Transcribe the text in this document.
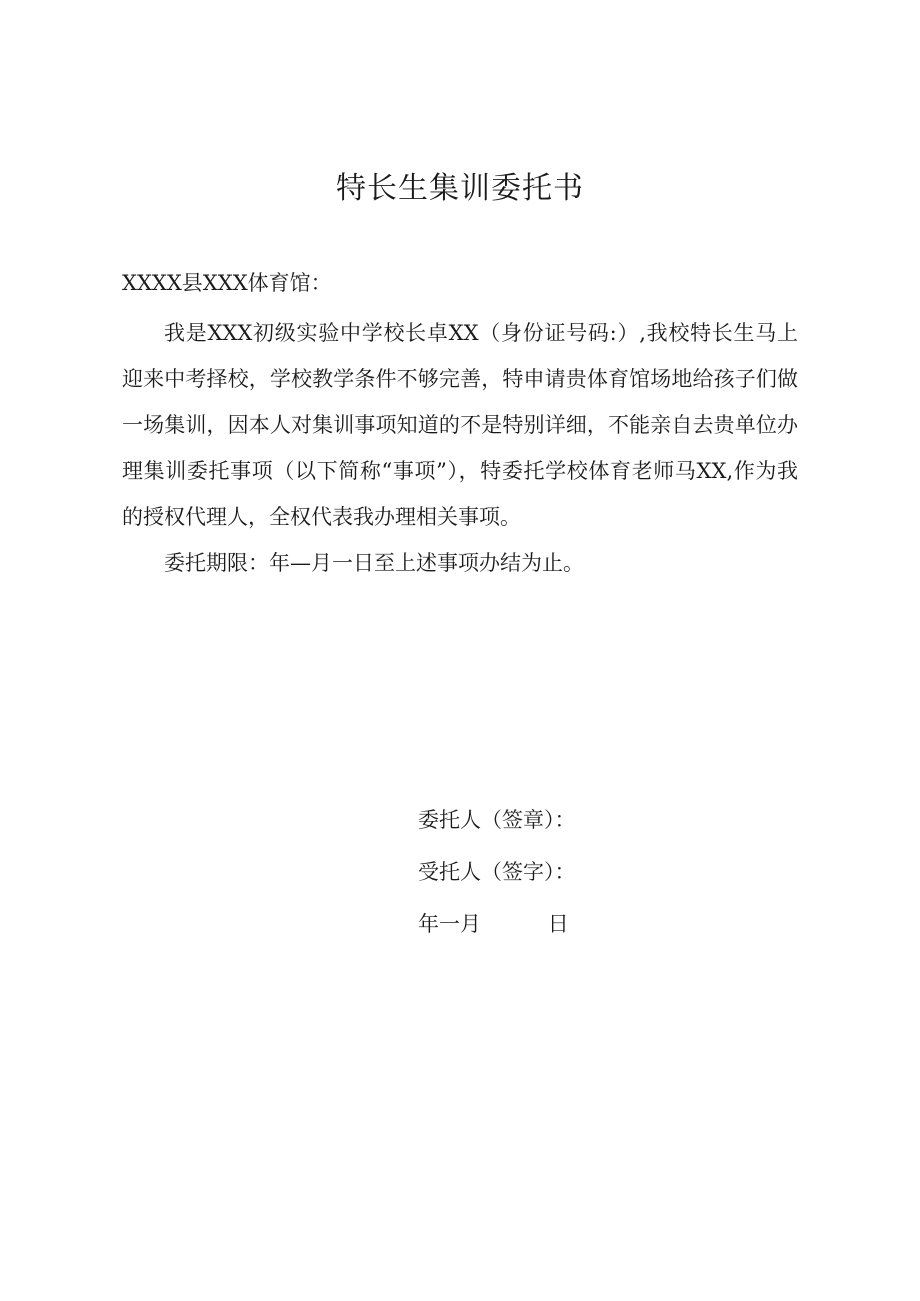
特长生集训委托书
XXXX县XXX体育馆：

我是XXX初级实验中学校长卓XX（身份证号码:）,我校特长生马上迎来中考择校，学校教学条件不够完善，特申请贵体育馆场地给孩子们做一场集训，因本人对集训事项知道的不是特别详细，不能亲自去贵单位办理集训委托事项（以下简称“事项”），特委托学校体育老师马XX,作为我的授权代理人，全权代表我办理相关事项。

委托期限：年—月一日至上述事项办结为止。

委托人（签章）：
受托人（签字）：
年一月          日
